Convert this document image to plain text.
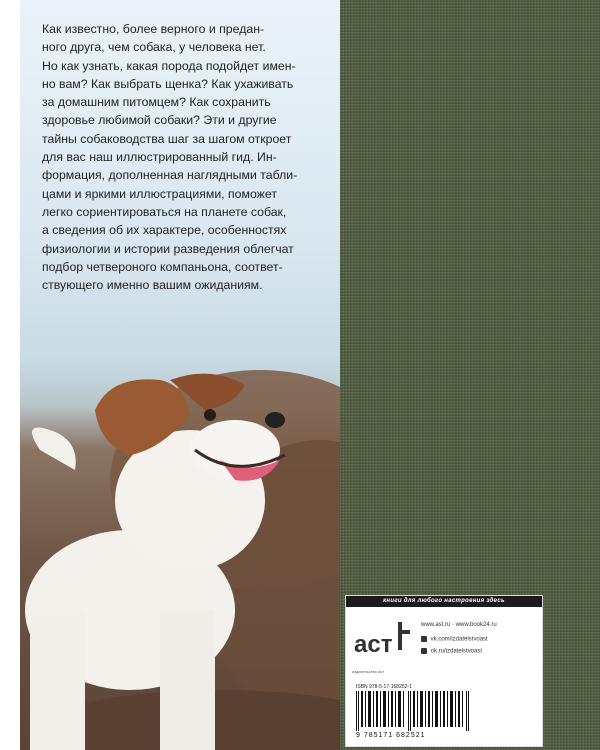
Как известно, более верного и предан-
ного друга, чем собака, у человека нет.
Но как узнать, какая порода подойдет имен-
но вам? Как выбрать щенка? Как ухаживать
за домашним питомцем? Как сохранить
здоровье любимой собаки? Эти и другие
тайны собаководства шаг за шагом откроет
для вас наш иллюстрированный гид. Ин-
формация, дополненная наглядными табли-
цами и яркими иллюстрациями, поможет
легко сориентироваться на планете собак,
а сведения об их характере, особенностях
физиологии и истории разведения облегчат
подбор четвероного компаньона, соответ-
ствующего именно вашим ожиданиям.

книги для любого настроения здесь
аст
издательство аст
www.ast.ru · www.book24.ru
vk.com/izdatelstvoast
ok.ru/izdatelstvoast
ISBN 978-5-17-168252-1
9 785171 682521
ОГИЗ
